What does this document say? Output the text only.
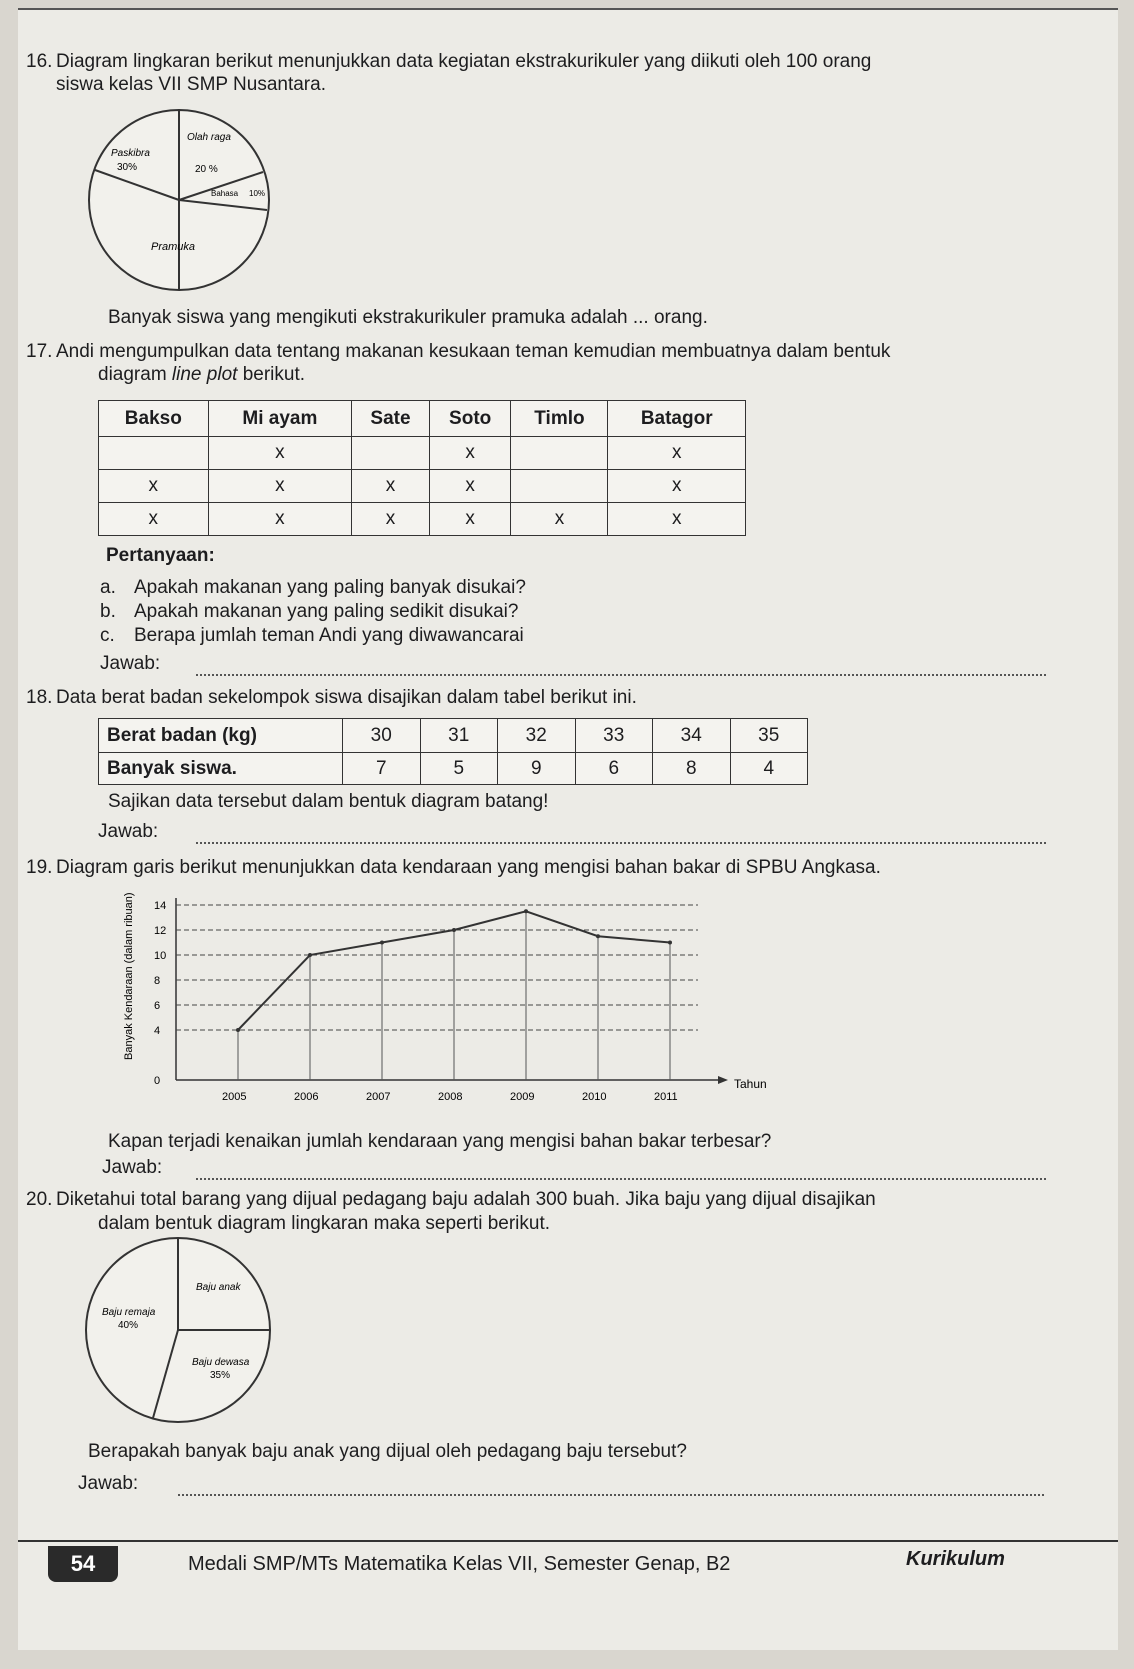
16. Diagram lingkaran berikut menunjukkan data kegiatan ekstrakurikuler yang diikuti oleh 100 orang
siswa kelas VII SMP Nusantara.
Paskibra
30%
Olah raga
20 %
Bahasa 10%
Pramuka
Banyak siswa yang mengikuti ekstrakurikuler pramuka adalah ... orang.
17. Andi mengumpulkan data tentang makanan kesukaan teman kemudian membuatnya dalam bentuk
diagram line plot berikut.
Bakso	Mi ayam	Sate	Soto	Timlo	Batagor
	x		x		x
x	x	x	x		x
x	x	x	x	x	x
Pertanyaan:
a. Apakah makanan yang paling banyak disukai?
b. Apakah makanan yang paling sedikit disukai?
c. Berapa jumlah teman Andi yang diwawancarai
Jawab:
18. Data berat badan sekelompok siswa disajikan dalam tabel berikut ini.
Berat badan (kg)	30	31	32	33	34	35
Banyak siswa.	7	5	9	6	8	4
Sajikan data tersebut dalam bentuk diagram batang!
Jawab:
19. Diagram garis berikut menunjukkan data kendaraan yang mengisi bahan bakar di SPBU Angkasa.
0
4
6
8
10
12
14
2005	2006	2007	2008	2009	2010	2011
Tahun
Banyak Kendaraan (dalam ribuan)
Kapan terjadi kenaikan jumlah kendaraan yang mengisi bahan bakar terbesar?
Jawab:
20. Diketahui total barang yang dijual pedagang baju adalah 300 buah. Jika baju yang dijual disajikan
dalam bentuk diagram lingkaran maka seperti berikut.
Baju anak
Baju remaja
40%
Baju dewasa
35%
Berapakah banyak baju anak yang dijual oleh pedagang baju tersebut?
Jawab:
54	Medali SMP/MTs Matematika Kelas VII, Semester Genap, B2	Kurikulum
